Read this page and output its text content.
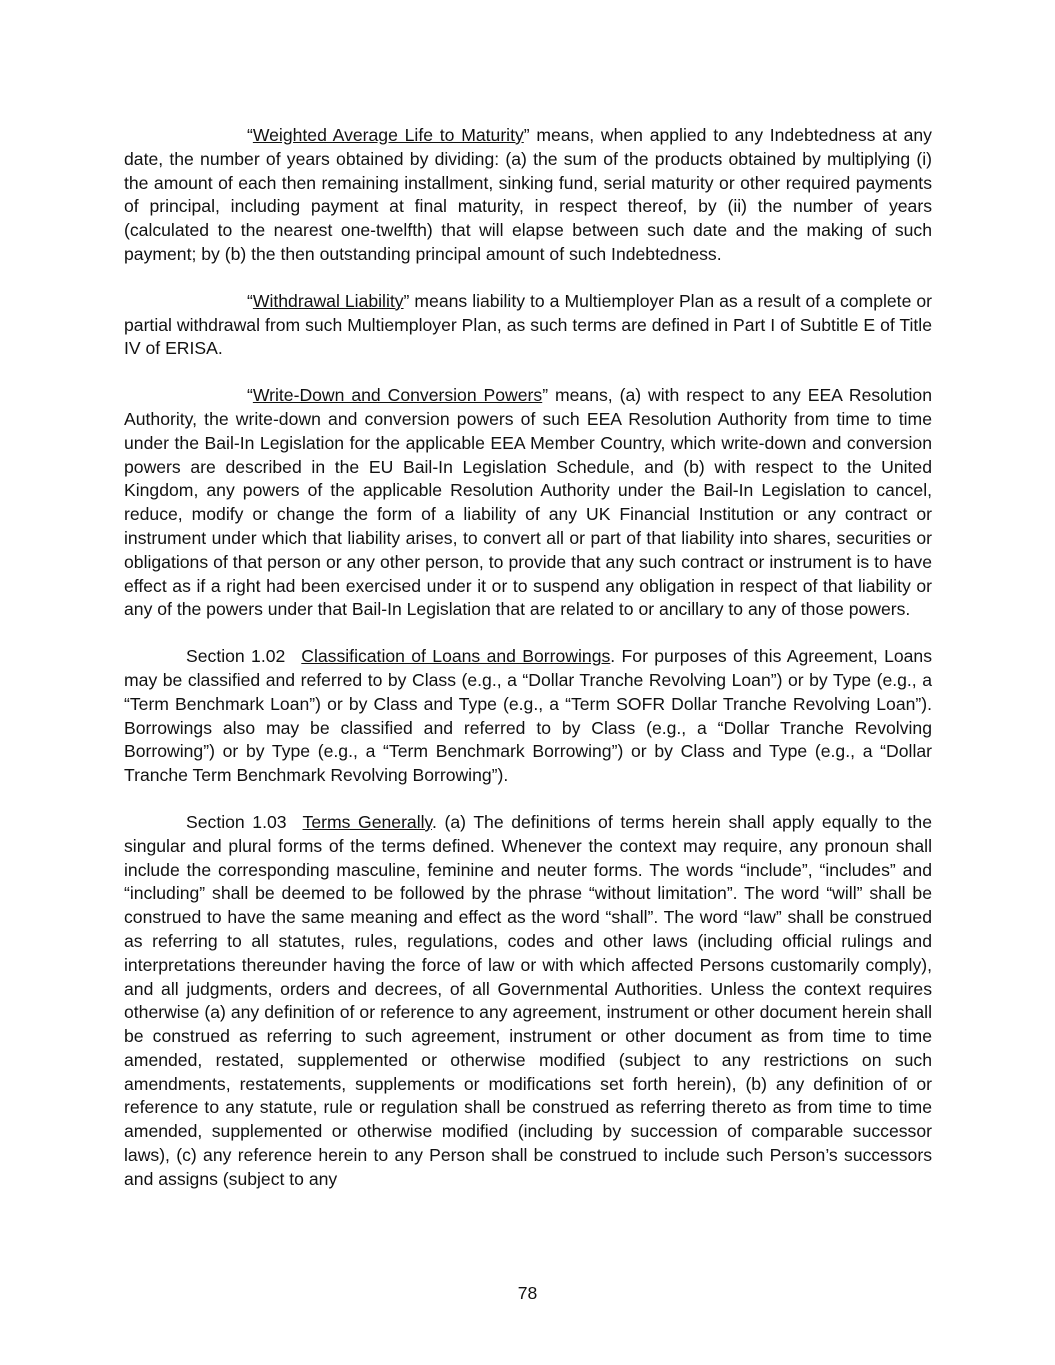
“Weighted Average Life to Maturity” means, when applied to any Indebtedness at any date, the number of years obtained by dividing: (a) the sum of the products obtained by multiplying (i) the amount of each then remaining installment, sinking fund, serial maturity or other required payments of principal, including payment at final maturity, in respect thereof, by (ii) the number of years (calculated to the nearest one-twelfth) that will elapse between such date and the making of such payment; by (b) the then outstanding principal amount of such Indebtedness.

“Withdrawal Liability” means liability to a Multiemployer Plan as a result of a complete or partial withdrawal from such Multiemployer Plan, as such terms are defined in Part I of Subtitle E of Title IV of ERISA.

“Write-Down and Conversion Powers” means, (a) with respect to any EEA Resolution Authority, the write-down and conversion powers of such EEA Resolution Authority from time to time under the Bail-In Legislation for the applicable EEA Member Country, which write-down and conversion powers are described in the EU Bail-In Legislation Schedule, and (b) with respect to the United Kingdom, any powers of the applicable Resolution Authority under the Bail-In Legislation to cancel, reduce, modify or change the form of a liability of any UK Financial Institution or any contract or instrument under which that liability arises, to convert all or part of that liability into shares, securities or obligations of that person or any other person, to provide that any such contract or instrument is to have effect as if a right had been exercised under it or to suspend any obligation in respect of that liability or any of the powers under that Bail-In Legislation that are related to or ancillary to any of those powers.

Section 1.02 Classification of Loans and Borrowings. For purposes of this Agreement, Loans may be classified and referred to by Class (e.g., a “Dollar Tranche Revolving Loan”) or by Type (e.g., a “Term Benchmark Loan”) or by Class and Type (e.g., a “Term SOFR Dollar Tranche Revolving Loan”). Borrowings also may be classified and referred to by Class (e.g., a “Dollar Tranche Revolving Borrowing”) or by Type (e.g., a “Term Benchmark Borrowing”) or by Class and Type (e.g., a “Dollar Tranche Term Benchmark Revolving Borrowing”).

Section 1.03 Terms Generally. (a) The definitions of terms herein shall apply equally to the singular and plural forms of the terms defined. Whenever the context may require, any pronoun shall include the corresponding masculine, feminine and neuter forms. The words “include”, “includes” and “including” shall be deemed to be followed by the phrase “without limitation”. The word “will” shall be construed to have the same meaning and effect as the word “shall”. The word “law” shall be construed as referring to all statutes, rules, regulations, codes and other laws (including official rulings and interpretations thereunder having the force of law or with which affected Persons customarily comply), and all judgments, orders and decrees, of all Governmental Authorities. Unless the context requires otherwise (a) any definition of or reference to any agreement, instrument or other document herein shall be construed as referring to such agreement, instrument or other document as from time to time amended, restated, supplemented or otherwise modified (subject to any restrictions on such amendments, restatements, supplements or modifications set forth herein), (b) any definition of or reference to any statute, rule or regulation shall be construed as referring thereto as from time to time amended, supplemented or otherwise modified (including by succession of comparable successor laws), (c) any reference herein to any Person shall be construed to include such Person’s successors and assigns (subject to any

78
